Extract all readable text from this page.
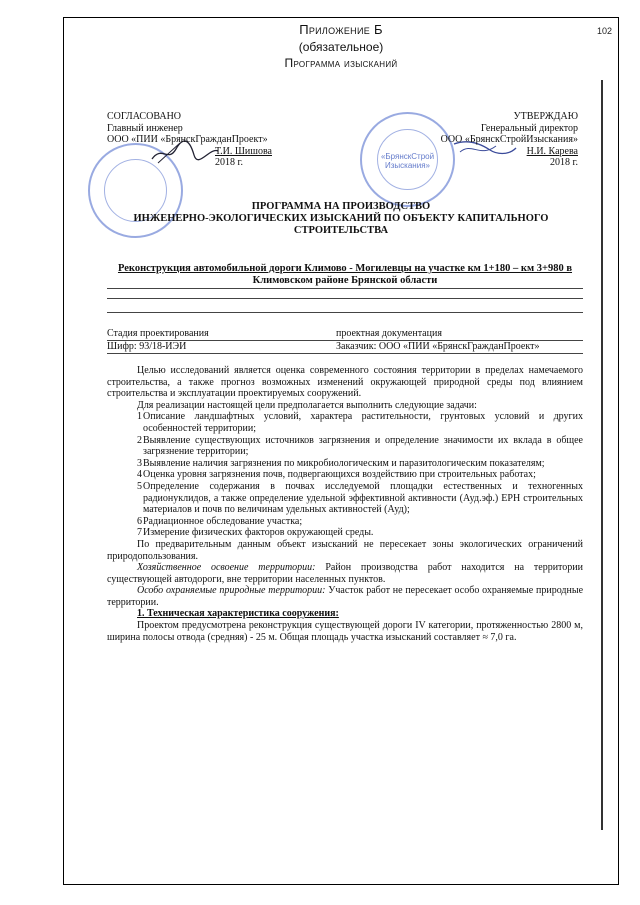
102
Приложение Б
(обязательное)
Программа изысканий
«БрянскСтрой Изыскания»
СОГЛАСОВАНО
Главный инженер
ООО «ПИИ «БрянскГражданПроект»
Т.И. Шишова
2018 г.
УТВЕРЖДАЮ
Генеральный директор
ООО «БрянскСтройИзыскания»
Н.И. Карева
2018 г.
ПРОГРАММА НА ПРОИЗВОДСТВО
ИНЖЕНЕРНО-ЭКОЛОГИЧЕСКИХ ИЗЫСКАНИЙ ПО ОБЪЕКТУ КАПИТАЛЬНОГО
СТРОИТЕЛЬСТВА
Реконструкция автомобильной дороги Климово - Могилевцы на участке км 1+180 – км 3+980 в
Климовском районе Брянской области
Стадия проектирования	проектная документация
Шифр: 93/18-ИЭИ	Заказчик: ООО «ПИИ «БрянскГражданПроект»

Целью исследований является оценка современного состояния территории в пределах намечаемого строительства, а также прогноз возможных изменений окружающей природной среды под влиянием строительства и эксплуатации проектируемых сооружений.

Для реализации настоящей цели предполагается выполнить следующие задачи:

1 Описание ландшафтных условий, характера растительности, грунтовых условий и других особенностей территории;
2 Выявление существующих источников загрязнения и определение значимости их вклада в общее загрязнение территории;
3 Выявление наличия загрязнения по микробиологическим и паразитологическим показателям;
4 Оценка уровня загрязнения почв, подвергающихся воздействию при строительных работах;
5 Определение содержания в почвах исследуемой площадки естественных и техногенных радионуклидов, а также определение удельной эффективной активности (Ауд.эф.) ЕРН строительных материалов и почв по величинам удельных активностей (Ауд);
6 Радиационное обследование участка;
7 Измерение физических факторов окружающей среды.

По предварительным данным объект изысканий не пересекает зоны экологических ограничений природопользования.

Хозяйственное освоение территории: Район производства работ находится на территории существующей автодороги, вне территории населенных пунктов.

Особо охраняемые природные территории: Участок работ не пересекает особо охраняемые природные территории.

1. Техническая характеристика сооружения:

Проектом предусмотрена реконструкция существующей дороги IV категории, протяженностью 2800 м, ширина полосы отвода (средняя) - 25 м. Общая площадь участка изысканий составляет ≈ 7,0 га.
